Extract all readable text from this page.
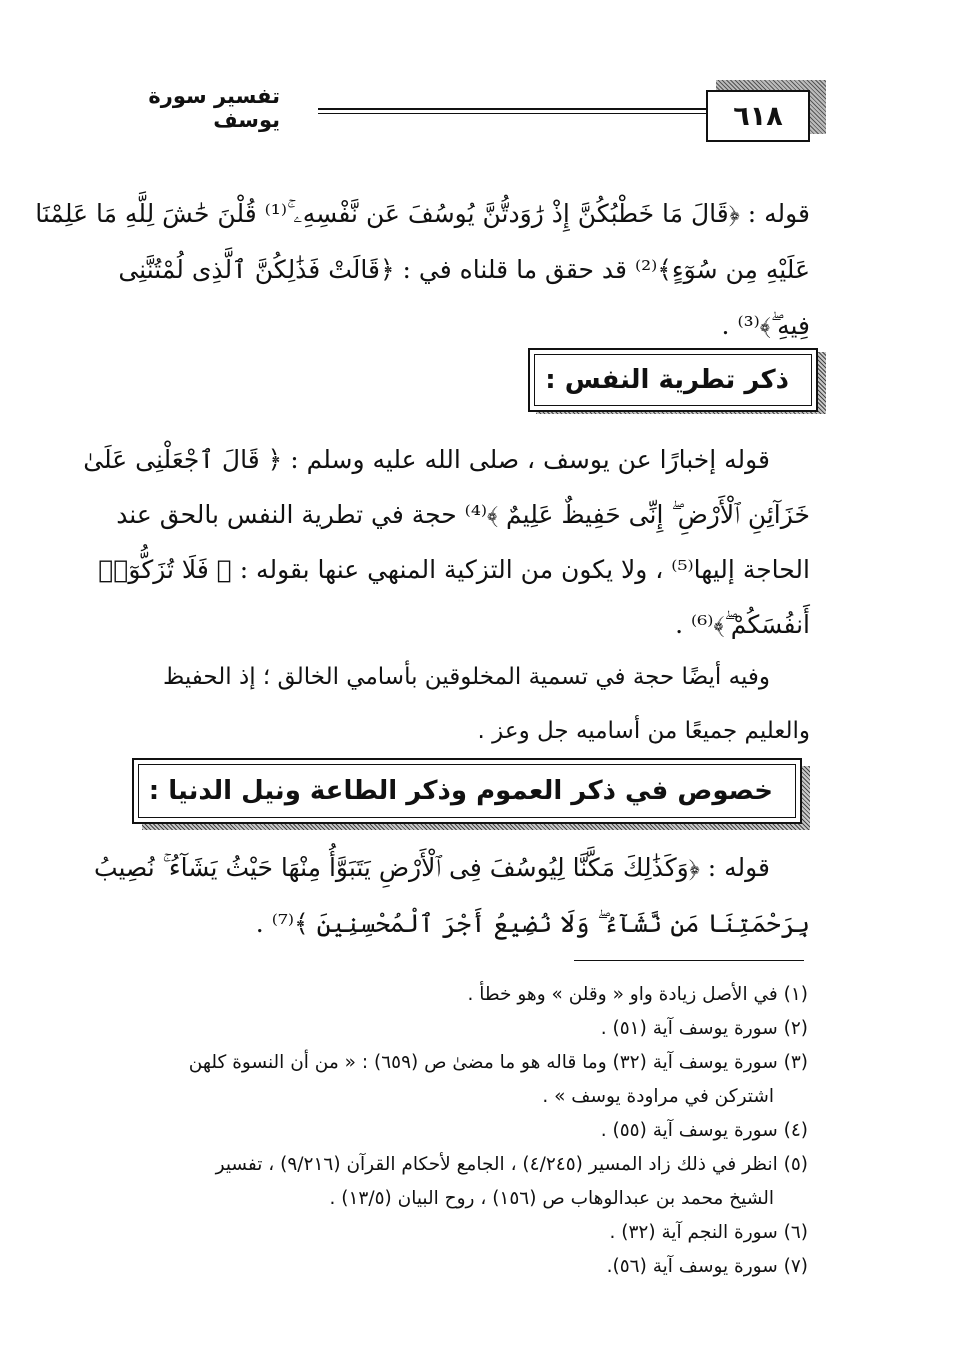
تفسير سورة يوسف	٦١٨
قوله : ﴿قَالَ مَا خَطْبُكُنَّ إِذْ رَٰوَدتُّنَّ يُوسُفَ عَن نَّفْسِهِۦ ۚ⁽¹⁾ قُلْنَ حَٰشَ لِلَّهِ مَا عَلِمْنَا
عَلَيْهِ مِن سُوٓءٍ﴾⁽²⁾ قد حقق ما قلناه في : ﴿قَالَتْ فَذَٰلِكُنَّ ٱلَّذِى لُمْتُنَّنِى
فِيهِ ۖ﴾⁽³⁾ .
ذكر تطرية النفس :
قوله إخبارًا عن يوسف ، صلى الله عليه وسلم : ﴿ قَالَ ٱجْعَلْنِى عَلَىٰ
خَزَآئِنِ ٱلْأَرْضِ ۖ إِنِّى حَفِيظٌ عَلِيمٌ ﴾⁽⁴⁾ حجة في تطرية النفس بالحق عند
الحاجة إليها⁽⁵⁾ ، ولا يكون من التزكية المنهي عنها بقوله : ﴿ فَلَا تُزَكُّوٓا۟
أَنفُسَكُمْ ۖ﴾⁽⁶⁾ .
وفيه أيضًا حجة في تسمية المخلوقين بأسامي الخالق ؛ إذ الحفيظ
والعليم جميعًا من أساميه جل وعز .
خصوص في ذكر العموم وذكر الطاعة ونيل الدنيا :
قوله : ﴿وَكَذَٰلِكَ مَكَّنَّا لِيُوسُفَ فِى ٱلْأَرْضِ يَتَبَوَّأُ مِنْهَا حَيْثُ يَشَآءُ ۚ نُصِيبُ
بِرَحْمَتِنَا مَن نَّشَآءُ ۖ وَلَا نُضِيعُ أَجْرَ ٱلْمُحْسِنِينَ ﴾⁽⁷⁾ .
(١) في الأصل زيادة واو « وقلن » وهو خطأ .
(٢) سورة يوسف آية (٥١) .
(٣) سورة يوسف آية (٣٢) وما قاله هو ما مضىٰ ص (٦٥٩) : « من أن النسوة كلهن
اشتركن في مراودة يوسف » .
(٤) سورة يوسف آية (٥٥) .
(٥) انظر في ذلك زاد المسير (٤/٢٤٥) ، الجامع لأحكام القرآن (٩/٢١٦) ، تفسير
الشيخ محمد بن عبدالوهاب ص (١٥٦) ، روح البيان (١٣/٥) .
(٦) سورة النجم آية (٣٢) .
(٧) سورة يوسف آية (٥٦).
